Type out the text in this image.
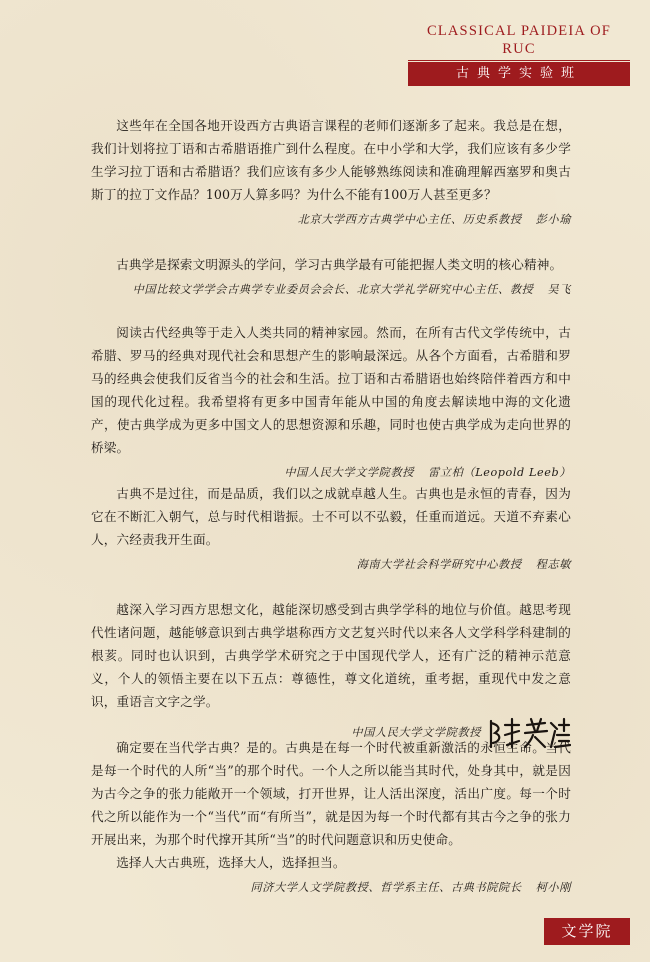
CLASSICAL PAIDEIA OF RUC
古典学实验班

这些年在全国各地开设西方古典语言课程的老师们逐渐多了起来。我总是在想，我们计划将拉丁语和古希腊语推广到什么程度。在中小学和大学，我们应该有多少学生学习拉丁语和古希腊语？我们应该有多少人能够熟练阅读和准确理解西塞罗和奥古斯丁的拉丁文作品？100万人算多吗？为什么不能有100万人甚至更多？

北京大学西方古典学中心主任、历史系教授 彭小瑜

古典学是探索文明源头的学问，学习古典学最有可能把握人类文明的核心精神。

中国比较文学学会古典学专业委员会会长、北京大学礼学研究中心主任、教授 吴飞

阅读古代经典等于走入人类共同的精神家园。然而，在所有古代文学传统中，古希腊、罗马的经典对现代社会和思想产生的影响最深远。从各个方面看，古希腊和罗马的经典会使我们反省当今的社会和生活。拉丁语和古希腊语也始终陪伴着西方和中国的现代化过程。我希望将有更多中国青年能从中国的角度去解读地中海的文化遗产，使古典学成为更多中国文人的思想资源和乐趣，同时也使古典学成为走向世界的桥梁。

中国人民大学文学院教授 雷立柏（Leopold Leeb）

古典不是过往，而是品质，我们以之成就卓越人生。古典也是永恒的青春，因为它在不断汇入朝气，总与时代相谐振。士不可以不弘毅，任重而道远。天道不弃素心人，六经责我开生面。

海南大学社会科学研究中心教授 程志敏

越深入学习西方思想文化，越能深切感受到古典学学科的地位与价值。越思考现代性诸问题，越能够意识到古典学堪称西方文艺复兴时代以来各人文学科学科建制的根荄。同时也认识到，古典学学术研究之于中国现代学人，还有广泛的精神示范意义，个人的领悟主要在以下五点：尊德性，尊文化道统，重考据，重现代中发之意识，重语言文字之学。

中国人民大学文学院教授

确定要在当代学古典？是的。古典是在每一个时代被重新激活的永恒生命。当代是每一个时代的人所“当”的那个时代。一个人之所以能当其时代，处身其中，就是因为古今之争的张力能敞开一个领域，打开世界，让人活出深度，活出广度。每一个时代之所以能作为一个“当代”而“有所当”，就是因为每一个时代都有其古今之争的张力开展出来，为那个时代撑开其所“当”的时代问题意识和历史使命。

选择人大古典班，选择大人，选择担当。

同济大学人文学院教授、哲学系主任、古典书院院长 柯小刚
文学院
